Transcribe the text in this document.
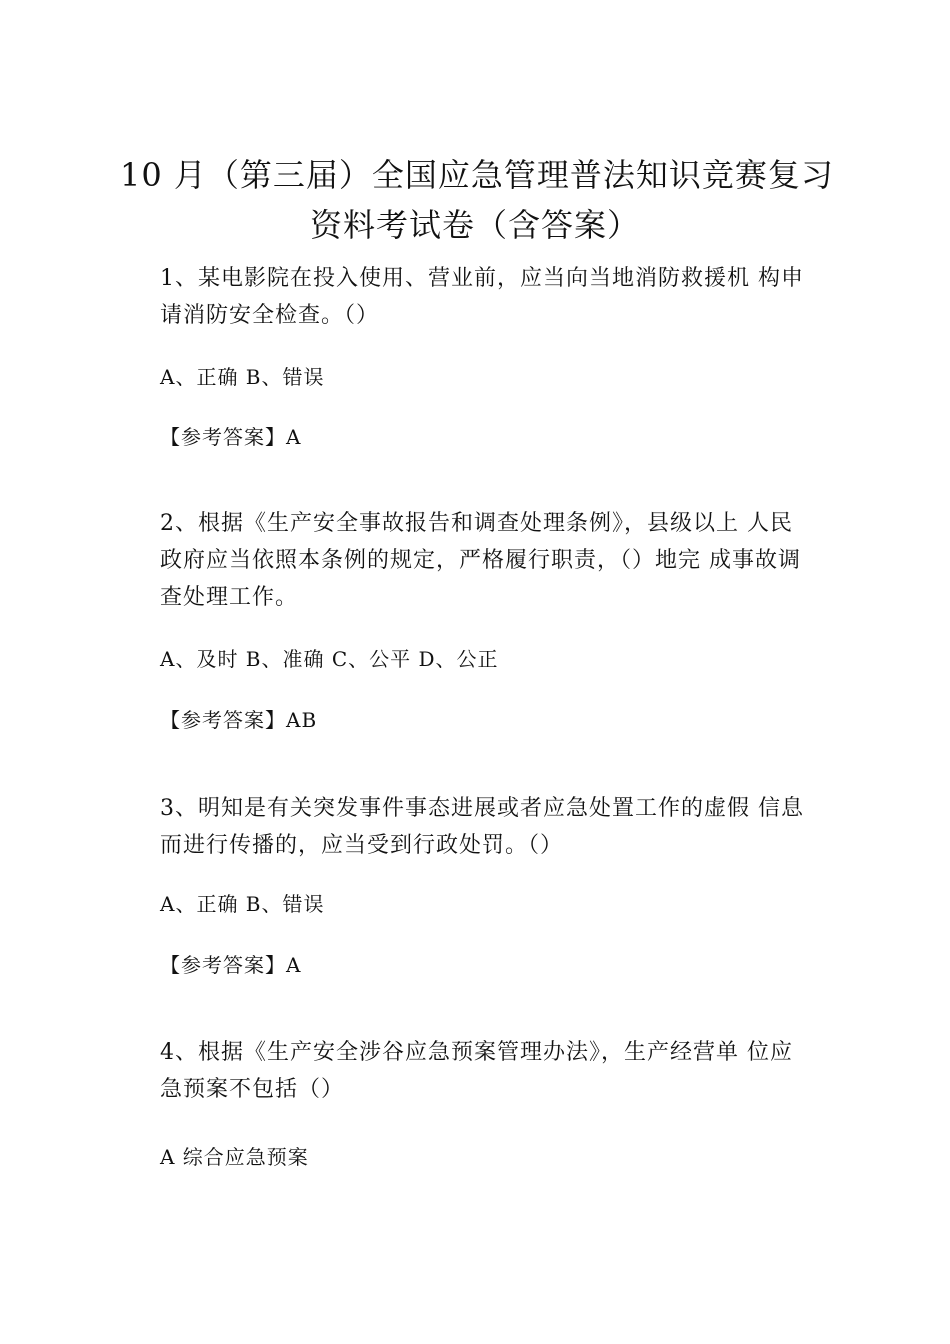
10 月（第三届）全国应急管理普法知识竞赛复习
资料考试卷（含答案）
1、某电影院在投入使用、营业前，应当向当地消防救援机 构申
请消防安全检查。（）
A、正确 B、错误
【参考答案】A
2、根据《生产安全事故报告和调查处理条例》，县级以上 人民
政府应当依照本条例的规定，严格履行职责，（）地完 成事故调
查处理工作。
A、及时 B、准确 C、公平 D、公正
【参考答案】AB
3、明知是有关突发事件事态进展或者应急处置工作的虚假 信息
而进行传播的，应当受到行政处罚。（）
A、正确 B、错误
【参考答案】A
4、根据《生产安全涉谷应急预案管理办法》，生产经营单 位应
急预案不包括（）
A 综合应急预案
